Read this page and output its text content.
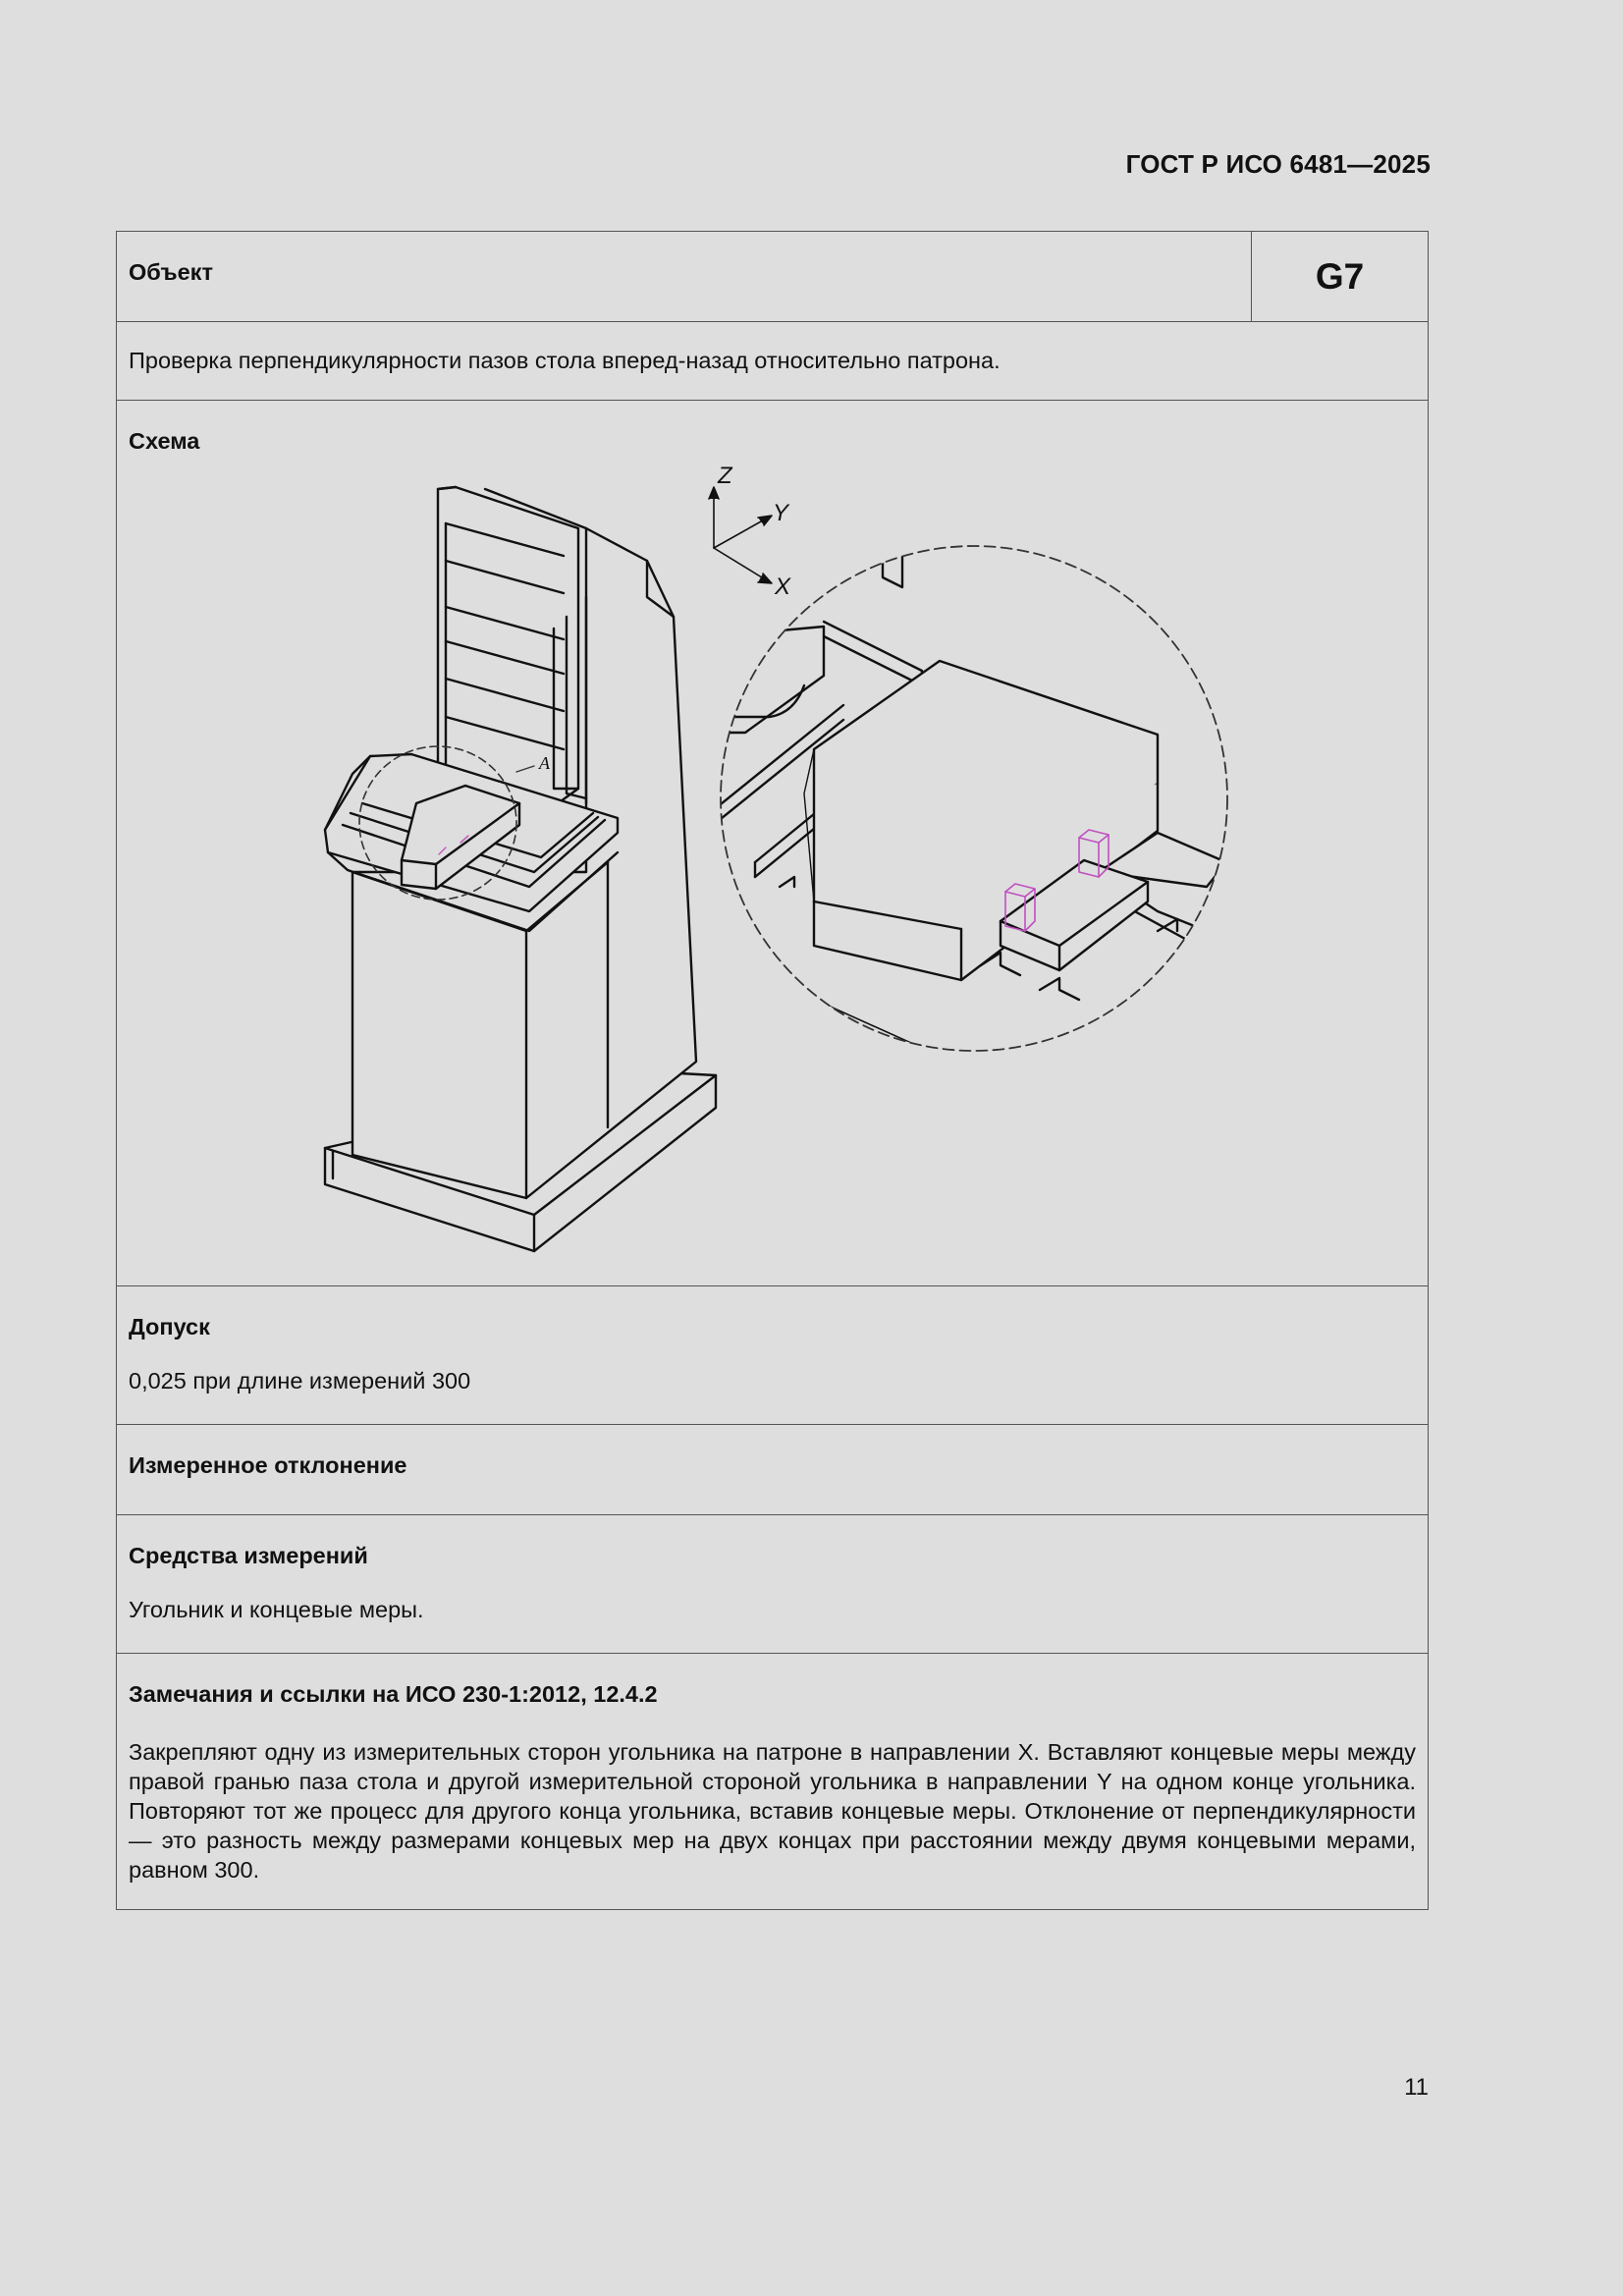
ГОСТ Р ИСО 6481—2025
Объект	G7

Проверка перпендикулярности пазов стола вперед-назад относительно патрона.

Схема
A
Z
Y
X

Допуск
0,025 при длине измерений 300

Измеренное отклонение

Средства измерений
Угольник и концевые меры.

Замечания и ссылки на ИСО 230-1:2012, 12.4.2
Закрепляют одну из измерительных сторон угольника на патроне в направлении X. Вставляют концевые меры между правой гранью паза стола и другой измерительной стороной угольника в направлении Y на одном конце угольника. Повторяют тот же процесс для другого конца угольника, вставив концевые меры. Отклонение от перпендикулярности — это разность между размерами концевых мер на двух концах при расстоянии между двумя концевыми мерами, равном 300.
11
